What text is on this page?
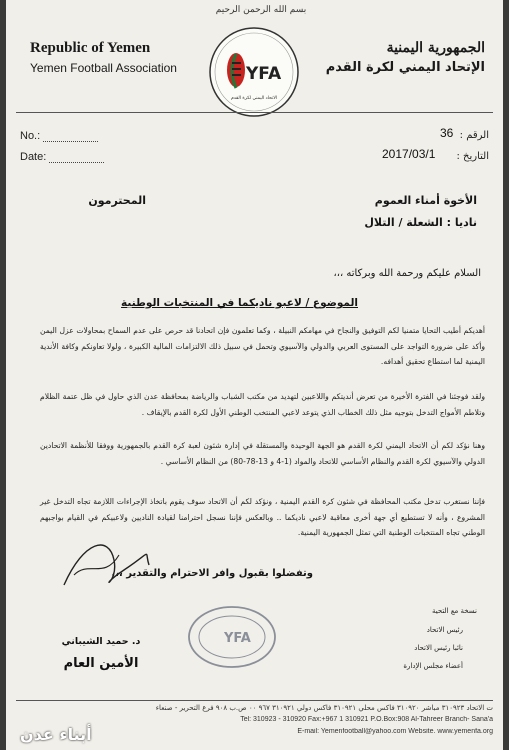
بسم الله الرحمن الرحيم
Republic of Yemen
Yemen Football Association	YFA
الاتحاد اليمني لكرة القدم
الجمهورية اليمنية
الإتحاد اليمني لكرة القدم
No.:
Date:
الرقم :
التاريخ :
36
2017/03/1
الأخوة أمناء العموم
المحترمون
ناديا : الشعلة / التلال
السلام عليكم ورحمة الله وبركاته ،،،
الموضوع / لاعبو ناديكما في المنتخبات الوطنية
أهديكم أطيب التحايا متمنيا لكم التوفيق والنجاح في مهامكم النبيلة ، وكما تعلمون فإن اتحادنا قد حرص على عدم السماح بمحاولات عزل اليمن وأكد على ضرورة التواجد على المستوى العربي والدولي والآسيوي وتحمل في سبيل ذلك الالتزامات المالية الكبيرة ، ولولا تعاونكم وكافة الأندية اليمنية لما استطاع تحقيق أهدافه.
ولقد فوجئنا في الفترة الأخيرة من تعرض أنديتكم واللاعبين لتهديد من مكتب الشباب والرياضة بمحافظة عدن الذي حاول في ظل عتمة الظلام وتلاطم الأمواج التدخل بتوجيه مثل ذلك الخطاب الذي يتوعد لاعبي المنتخب الوطني الأول لكرة القدم بالإيقاف .
وهنا نؤكد لكم أن الاتحاد اليمني لكرة القدم هو الجهة الوحيدة والمستقلة في إدارة شئون لعبة كرة القدم بالجمهورية ووفقا للأنظمة الاتحادين الدولي والآسيوي لكرة القدم والنظام الأساسي للاتحاد والمواد (1-4 و 13-78-80) من النظام الأساسي .
فإننا نستغرب تدخل مكتب المحافظة في شئون كرة القدم اليمنية ، ونؤكد لكم أن الاتحاد سوف يقوم باتخاذ الإجراءات اللازمة تجاه التدخل غير المشروع ، وأنه لا تستطيع أي جهة أخرى معاقبة لاعبي ناديكما .. وبالعكس فإننا نسجل احترامنا لقيادة الناديين ولاعبيكم في القيام بواجبهم الوطني تجاه المنتخبات الوطنية التي تمثل الجمهورية اليمنية.
وتفضلوا بقبول وافر الاحترام والتقدير ،،،
د. حميد الشيباني
الأمين العام
YFA
نسخة مع التحية
رئيس الاتحاد
نائبا رئيس الاتحاد
أعضاء مجلس الإدارة
ت الاتحاد ٣١٠٩٢٣ مباشر ٣١٠٩٢٠ فاكس محلي ٣١٠٩٢١ فاكس دولي ٣١٠٩٢١ ٩٦٧ ٠٠ ص.ب ٩٠٨ فرع التحرير - صنعاء
Tel: 310923 - 310920 Fax:+967 1 310921 P.O.Box:908 Al-Tahreer Branch- Sana'a
E-mail: Yemenfootball@yahoo.com Website. www.yemenfa.org
أبناء عدن
